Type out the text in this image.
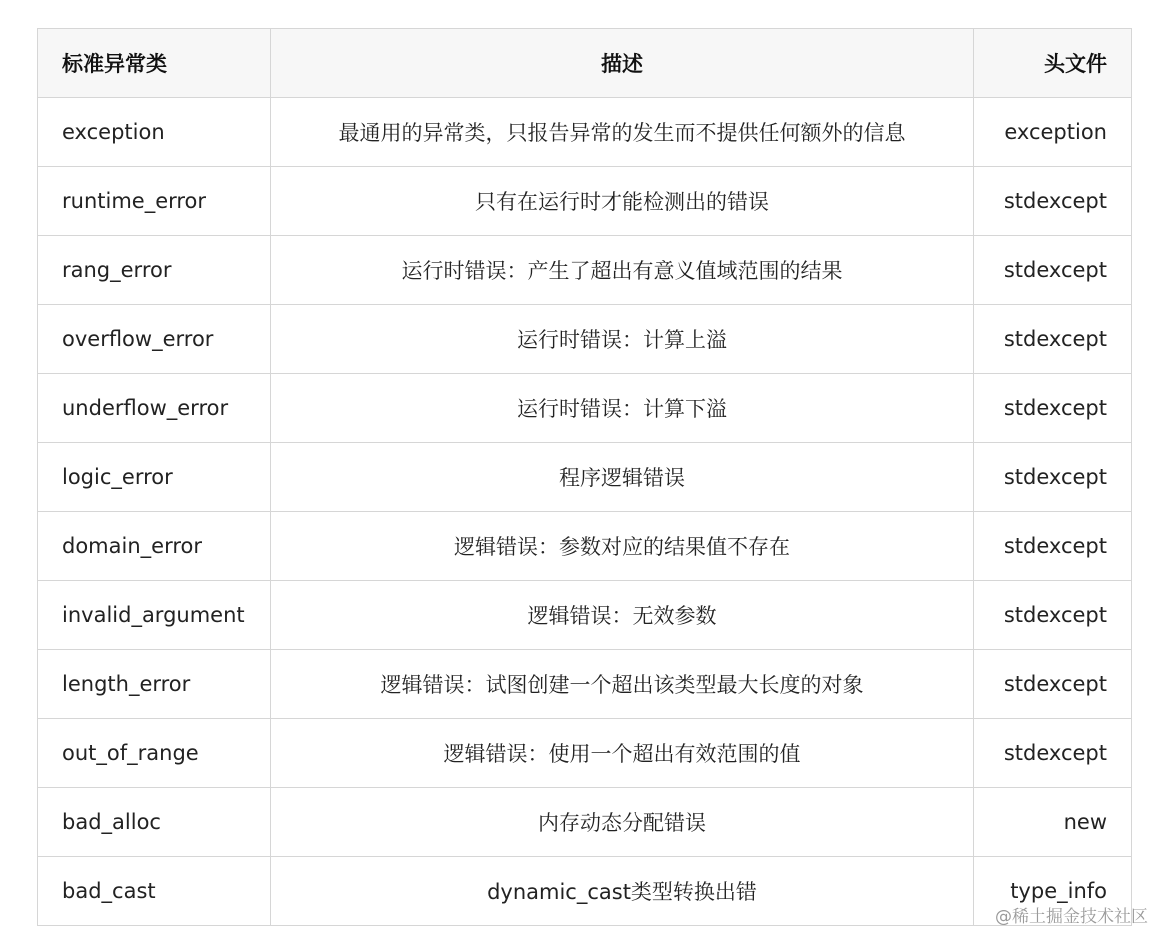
标准异常类	描述	头文件
exception	最通用的异常类，只报告异常的发生而不提供任何额外的信息	exception
runtime_error	只有在运行时才能检测出的错误	stdexcept
rang_error	运行时错误：产生了超出有意义值域范围的结果	stdexcept
overflow_error	运行时错误：计算上溢	stdexcept
underflow_error	运行时错误：计算下溢	stdexcept
logic_error	程序逻辑错误	stdexcept
domain_error	逻辑错误：参数对应的结果值不存在	stdexcept
invalid_argument	逻辑错误：无效参数	stdexcept
length_error	逻辑错误：试图创建一个超出该类型最大长度的对象	stdexcept
out_of_range	逻辑错误：使用一个超出有效范围的值	stdexcept
bad_alloc	内存动态分配错误	new
bad_cast	dynamic_cast类型转换出错	type_info
@稀土掘金技术社区
